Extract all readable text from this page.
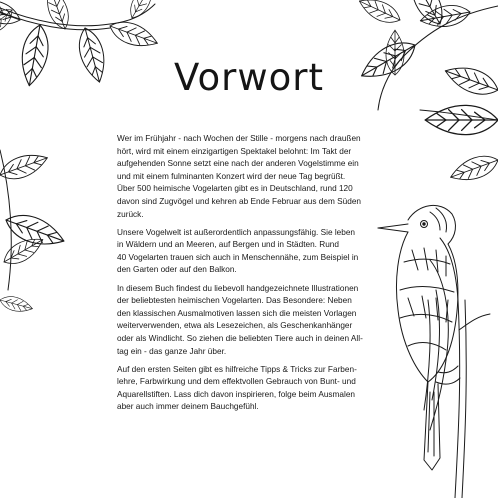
Vorwort

Wer im Frühjahr - nach Wochen der Stille - morgens nach draußen
hört, wird mit einem einzigartigen Spektakel belohnt: Im Takt der
aufgehenden Sonne setzt eine nach der anderen Vogelstimme ein
und mit einem fulminanten Konzert wird der neue Tag begrüßt.
Über 500 heimische Vogelarten gibt es in Deutschland, rund 120
davon sind Zugvögel und kehren ab Ende Februar aus dem Süden
zurück.

Unsere Vogelwelt ist außerordentlich anpassungsfähig. Sie leben
in Wäldern und an Meeren, auf Bergen und in Städten. Rund
40 Vogelarten trauen sich auch in Menschennähe, zum Beispiel in
den Garten oder auf den Balkon.

In diesem Buch findest du liebevoll handgezeichnete Illustrationen
der beliebtesten heimischen Vogelarten. Das Besondere: Neben
den klassischen Ausmalmotiven lassen sich die meisten Vorlagen
weiterverwenden, etwa als Lesezeichen, als Geschenkanhänger
oder als Windlicht. So ziehen die beliebten Tiere auch in deinen All-
tag ein - das ganze Jahr über.

Auf den ersten Seiten gibt es hilfreiche Tipps & Tricks zur Farben-
lehre, Farbwirkung und dem effektvollen Gebrauch von Bunt- und
Aquarellstiften. Lass dich davon inspirieren, folge beim Ausmalen
aber auch immer deinem Bauchgefühl.
